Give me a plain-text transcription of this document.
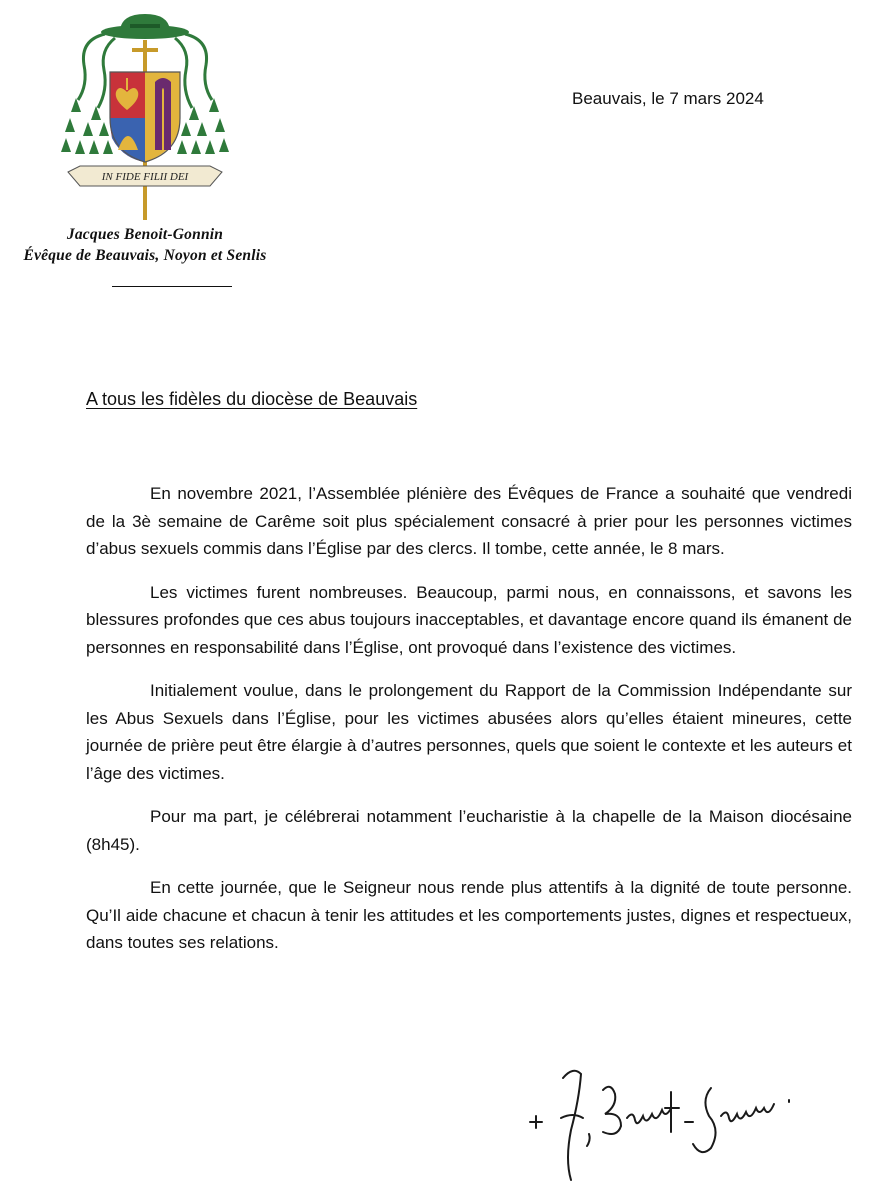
IN FIDE FILII DEI
Jacques Benoit-Gonnin
Évêque de Beauvais, Noyon et Senlis
Beauvais, le 7 mars 2024
A tous les fidèles du diocèse de Beauvais

En novembre 2021, l’Assemblée plénière des Évêques de France a souhaité que vendredi de la 3è semaine de Carême soit plus spécialement consacré à prier pour les personnes victimes d’abus sexuels commis dans l’Église par des clercs. Il tombe, cette année, le 8 mars.

Les victimes furent nombreuses. Beaucoup, parmi nous, en connaissons, et savons les blessures profondes que ces abus toujours inacceptables, et davantage encore quand ils émanent de personnes en responsabilité dans l’Église, ont provoqué dans l’existence des victimes.

Initialement voulue, dans le prolongement du Rapport de la Commission Indépendante sur les Abus Sexuels dans l’Église, pour les victimes abusées alors qu’elles étaient mineures, cette journée de prière peut être élargie à d’autres personnes, quels que soient le contexte et les auteurs et l’âge des victimes.

Pour ma part, je célébrerai notamment l’eucharistie à la chapelle de la Maison diocésaine (8h45).

En cette journée, que le Seigneur nous rende plus attentifs à la dignité de toute personne. Qu’Il aide chacune et chacun à tenir les attitudes et les comportements justes, dignes et respectueux, dans toutes ses relations.
